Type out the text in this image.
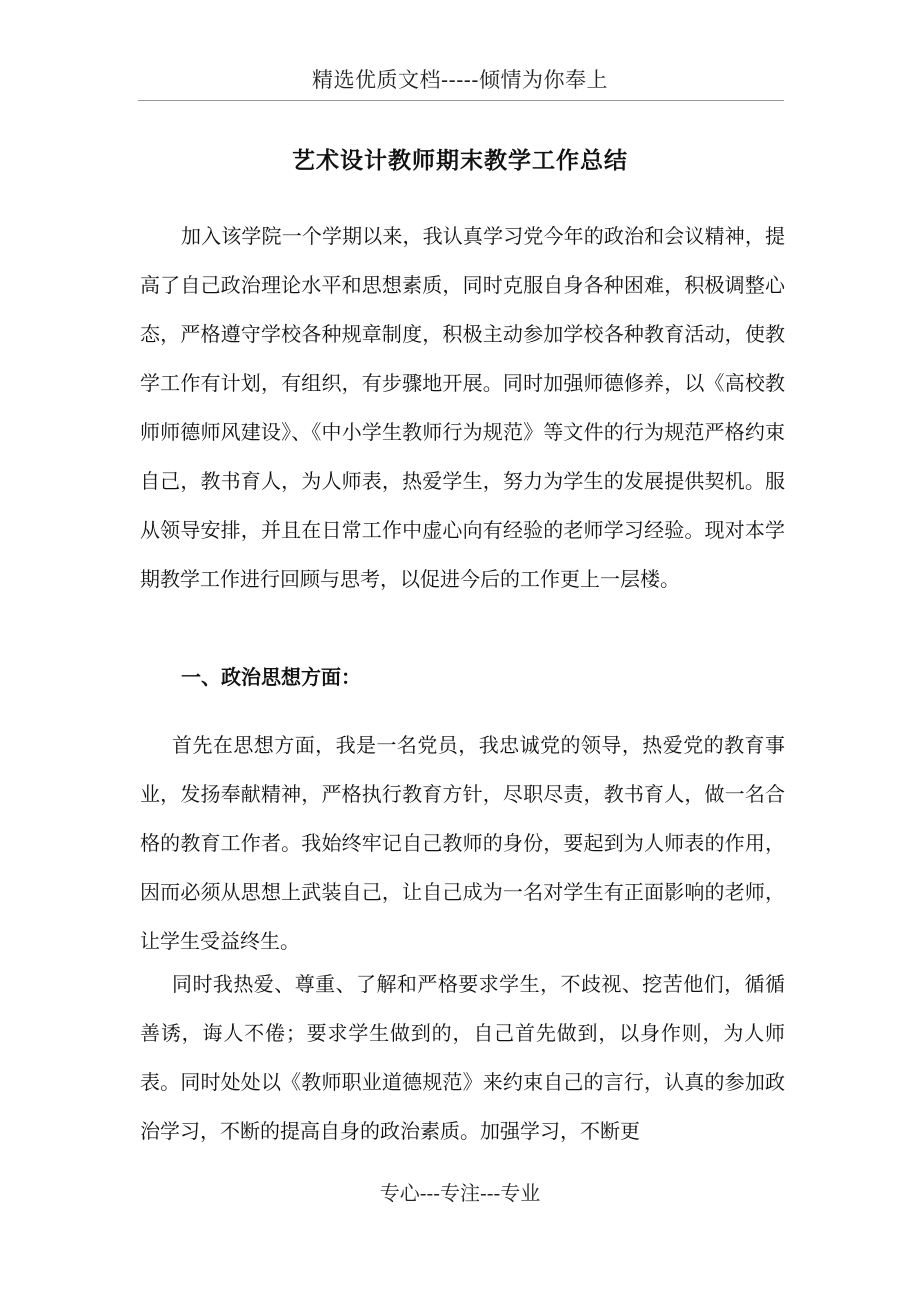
精选优质文档-----倾情为你奉上
艺术设计教师期末教学工作总结
加入该学院一个学期以来，我认真学习党今年的政治和会议精神，提高了自己政治理论水平和思想素质，同时克服自身各种困难，积极调整心态，严格遵守学校各种规章制度，积极主动参加学校各种教育活动，使教学工作有计划，有组织，有步骤地开展。同时加强师德修养，以《高校教师师德师风建设》、《中小学生教师行为规范》等文件的行为规范严格约束自己，教书育人，为人师表，热爱学生，努力为学生的发展提供契机。服从领导安排，并且在日常工作中虚心向有经验的老师学习经验。现对本学期教学工作进行回顾与思考，以促进今后的工作更上一层楼。
一、政治思想方面：
首先在思想方面，我是一名党员，我忠诚党的领导，热爱党的教育事业，发扬奉献精神，严格执行教育方针，尽职尽责，教书育人，做一名合格的教育工作者。我始终牢记自己教师的身份，要起到为人师表的作用，因而必须从思想上武装自己，让自己成为一名对学生有正面影响的老师，让学生受益终生。
同时我热爱、尊重、了解和严格要求学生，不歧视、挖苦他们，循循善诱，诲人不倦；要求学生做到的，自己首先做到，以身作则，为人师表。同时处处以《教师职业道德规范》来约束自己的言行，认真的参加政治学习，不断的提高自身的政治素质。加强学习，不断更
专心---专注---专业
